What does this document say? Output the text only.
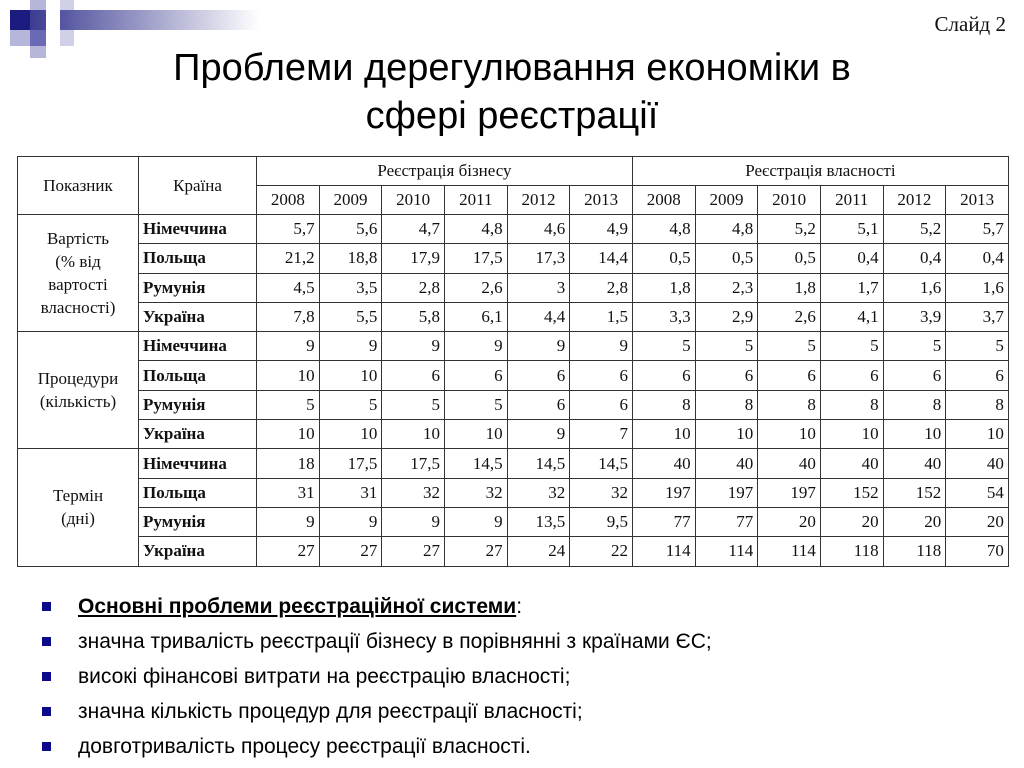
Слайд 2
Проблеми дерегулювання економіки в
сфері реєстрації
Показник	Країна	Реєстрація бізнесу						Реєстрація власності					
		2008	2009	2010	2011	2012	2013	2008	2009	2010	2011	2012	2013

Вартість
(% від
вартості
власності)	Німеччина	5,7	5,6	4,7	4,8	4,6	4,9	4,8	4,8	5,2	5,1	5,2	5,7
	Польща	21,2	18,8	17,9	17,5	17,3	14,4	0,5	0,5	0,5	0,4	0,4	0,4
	Румунія	4,5	3,5	2,8	2,6	3	2,8	1,8	2,3	1,8	1,7	1,6	1,6
	Україна	7,8	5,5	5,8	6,1	4,4	1,5	3,3	2,9	2,6	4,1	3,9	3,7

Процедури
(кількість)	Німеччина	9	9	9	9	9	9	5	5	5	5	5	5
	Польща	10	10	6	6	6	6	6	6	6	6	6	6
	Румунія	5	5	5	5	6	6	8	8	8	8	8	8
	Україна	10	10	10	10	9	7	10	10	10	10	10	10

Термін
(дні)	Німеччина	18	17,5	17,5	14,5	14,5	14,5	40	40	40	40	40	40
	Польща	31	31	32	32	32	32	197	197	197	152	152	54
	Румунія	9	9	9	9	13,5	9,5	77	77	20	20	20	20
	Україна	27	27	27	27	24	22	114	114	114	118	118	70
Основні проблеми реєстраційної системи:
значна тривалість реєстрації бізнесу в порівнянні з країнами ЄС;
високі фінансові витрати на реєстрацію власності;
значна кількість процедур для реєстрації власності;
довготривалість процесу реєстрації власності.
